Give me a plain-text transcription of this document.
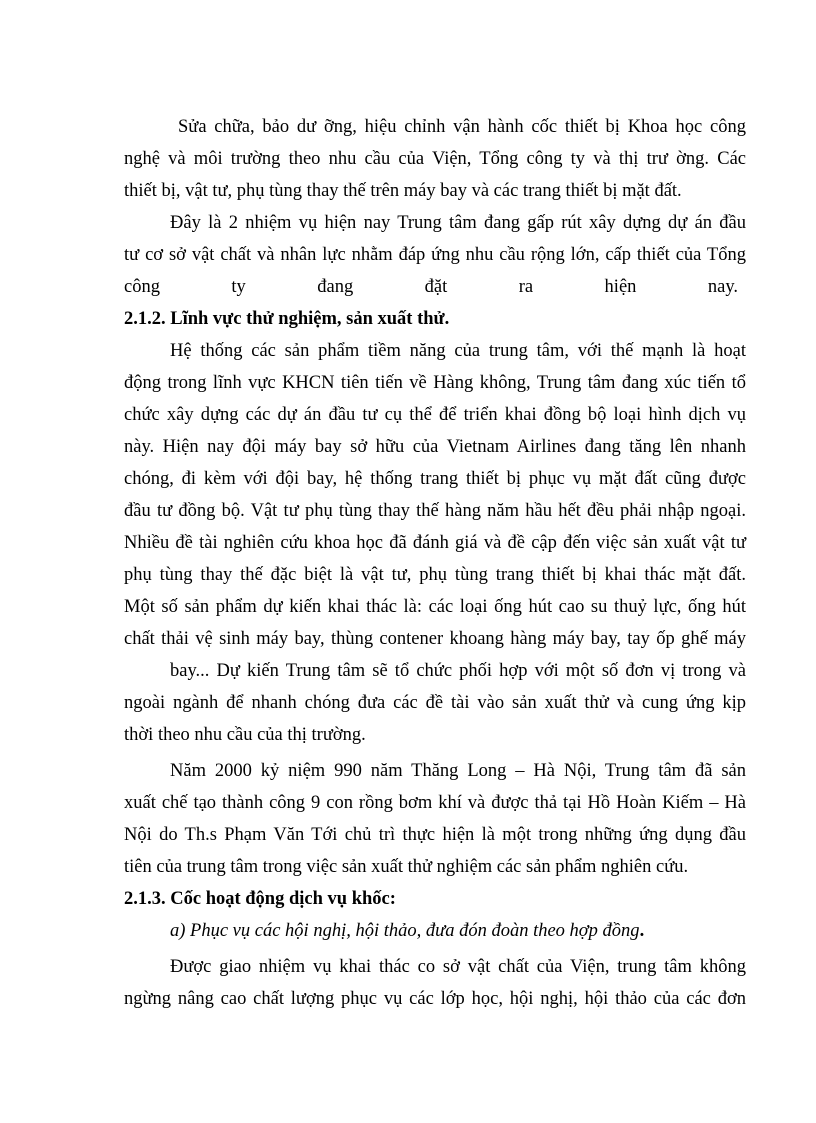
Sửa chữa, bảo dư ỡng, hiệu chỉnh vận hành cốc thiết bị Khoa học công
nghệ và môi trường theo nhu cầu của Viện, Tổng công ty và thị trư ờng. Các
thiết bị, vật tư, phụ tùng thay thế trên máy bay và các trang thiết bị mặt đất.
Đây là 2 nhiệm vụ hiện nay Trung tâm đang gấp rút xây dựng dự án đầu
tư cơ sở vật chất và nhân lực nhằm đáp ứng nhu cầu rộng lớn, cấp thiết của Tổng
công ty đang đặt ra hiện nay.
2.1.2. Lĩnh vực thử nghiệm, sản xuất thử.
Hệ thống các sản phẩm tiềm năng của trung tâm, với thế mạnh là hoạt
động trong lĩnh vực KHCN tiên tiến về Hàng không, Trung tâm đang xúc tiến tổ
chức xây dựng các dự án đầu tư cụ thể để triển khai đồng bộ loại hình dịch vụ
này. Hiện nay đội máy bay sở hữu của Vietnam Airlines đang tăng lên nhanh
chóng, đi kèm với đội bay, hệ thống trang thiết bị phục vụ mặt đất cũng được
đầu tư đồng bộ. Vật tư phụ tùng thay thế hàng năm hầu hết đều phải nhập ngoại.
Nhiều đề tài nghiên cứu khoa học đã đánh giá và đề cập đến việc sản xuất vật tư
phụ tùng thay thế đặc biệt là vật tư, phụ tùng trang thiết bị khai thác mặt đất.
Một số sản phẩm dự kiến khai thác là: các loại ống hút cao su thuỷ lực, ống hút
chất thải vệ sinh máy bay, thùng contener khoang hàng máy bay, tay ốp ghế máy
bay... Dự kiến Trung tâm sẽ tổ chức phối hợp với một số đơn vị trong và
ngoài ngành để nhanh chóng đưa các đề tài vào sản xuất thử và cung ứng kịp
thời theo nhu cầu của thị trường.
Năm 2000 kỷ niệm 990 năm Thăng Long – Hà Nội, Trung tâm đã sản
xuất chế tạo thành công 9 con rồng bơm khí và được thả tại Hồ Hoàn Kiếm – Hà
Nội do Th.s Phạm Văn Tới chủ trì thực hiện là một trong những ứng dụng đầu
tiên của trung tâm trong việc sản xuất thử nghiệm các sản phẩm nghiên cứu.
2.1.3. Cốc hoạt động dịch vụ khốc:
a) Phục vụ các hội nghị, hội thảo, đưa đón đoàn theo hợp đồng.
Được giao nhiệm vụ khai thác co sở vật chất của Viện, trung tâm không
ngừng nâng cao chất lượng phục vụ các lớp học, hội nghị, hội thảo của các đơn
